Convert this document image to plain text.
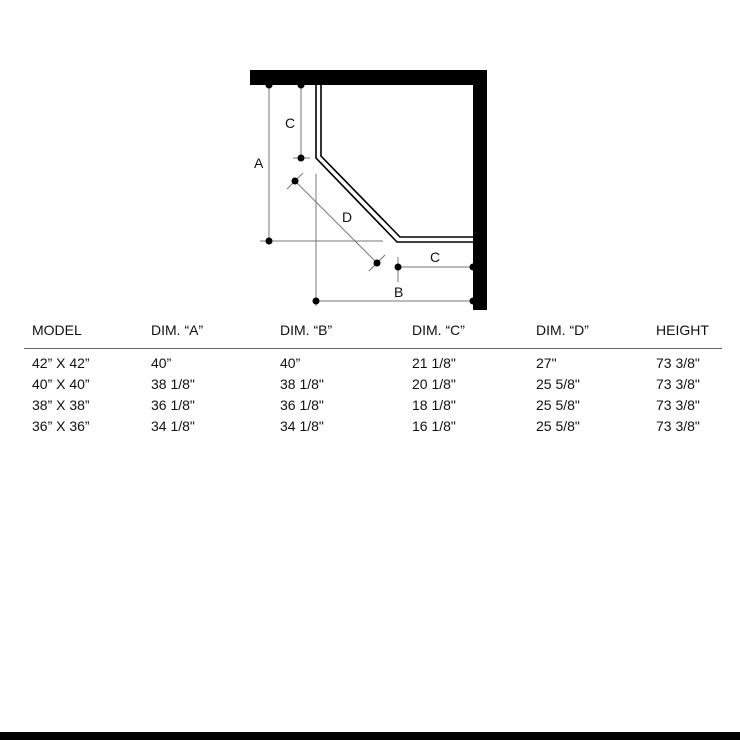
A
C
D
C
B
MODEL	DIM. “A”	DIM. “B”	DIM. “C”	DIM. “D”	HEIGHT
42” X 42”	40”	40”	21 1/8"	27"	73 3/8"
40” X 40”	38 1/8"	38 1/8"	20 1/8"	25 5/8"	73 3/8"
38” X 38”	36 1/8"	36 1/8"	18 1/8"	25 5/8"	73 3/8"
36” X 36”	34 1/8"	34 1/8"	16 1/8"	25 5/8"	73 3/8"
